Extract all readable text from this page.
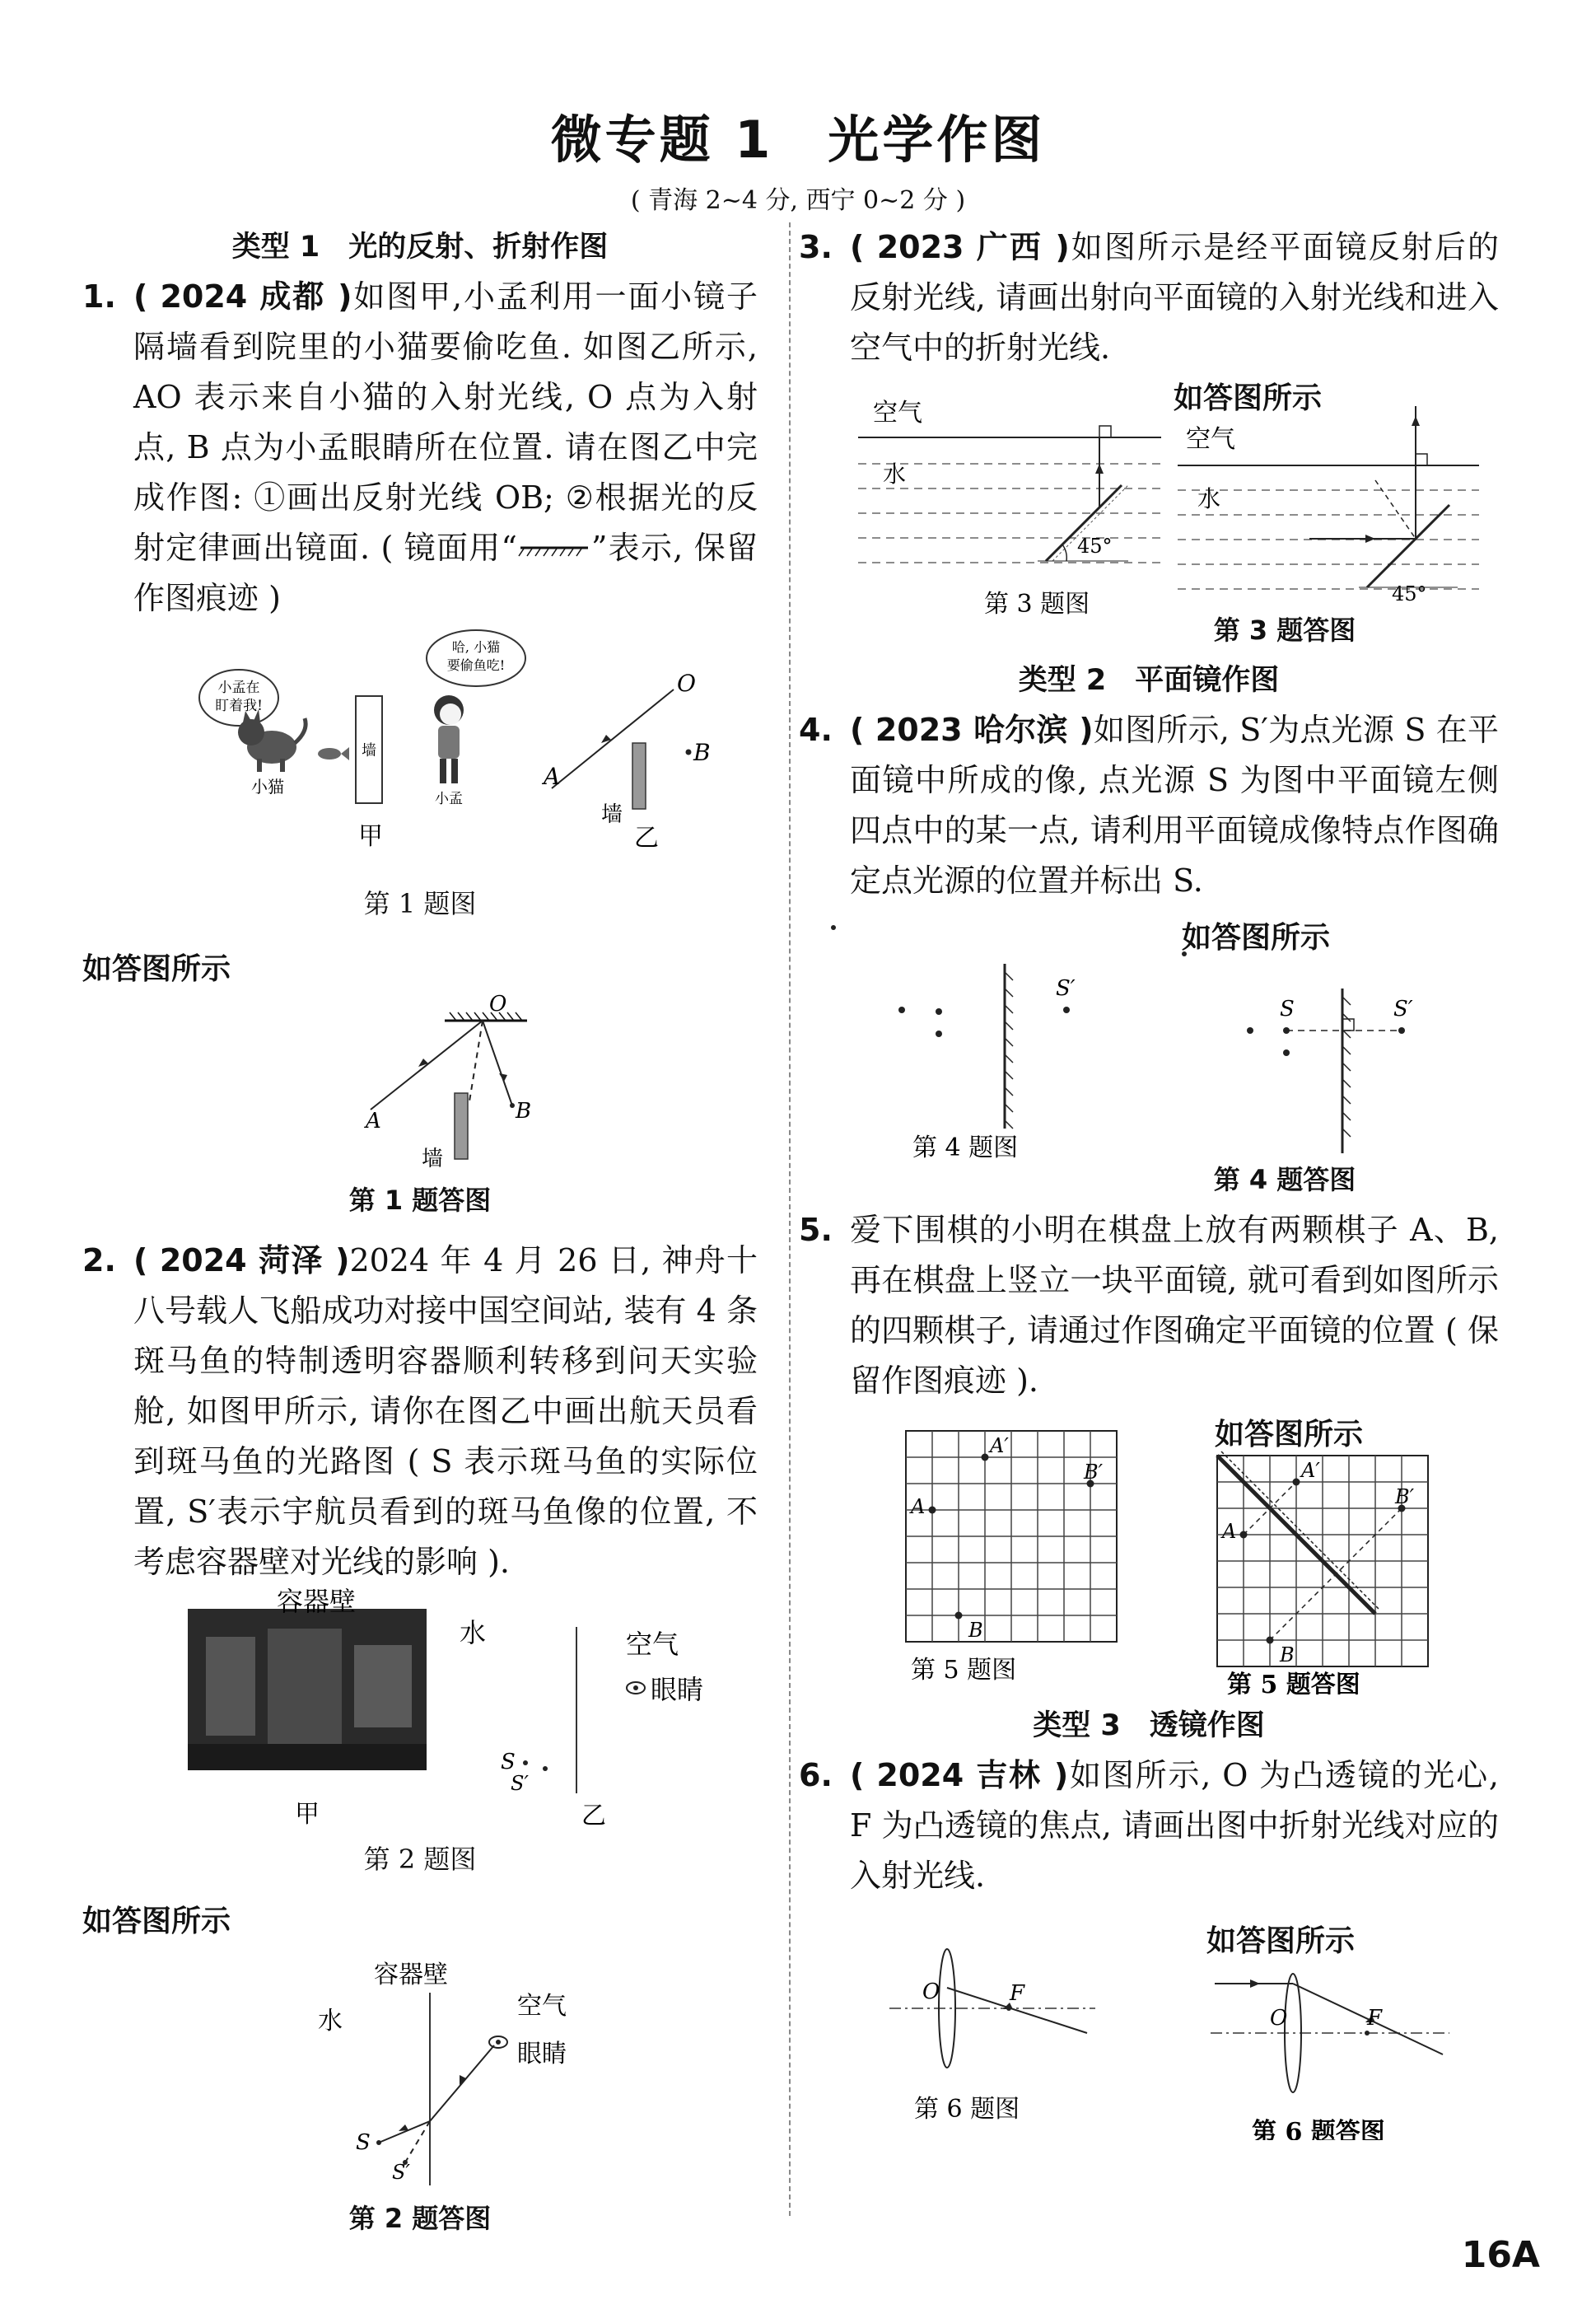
微专题 1　光学作图
( 青海 2~4 分, 西宁 0~2 分 )
类型 1　光的反射、折射作图
1. ( 2024 成都 )如图甲,小孟利用一面小镜子隔墙看到院里的小猫要偷吃鱼. 如图乙所示, AO 表示来自小猫的入射光线, O 点为入射点, B 点为小孟眼睛所在位置. 请在图乙中完成作图: ①画出反射光线 OB; ②根据光的反射定律画出镜面. ( 镜面用“ ”表示, 保留作图痕迹 )
小孟在盯着我!
小猫
墙
哈, 小猫要偷鱼吃!
小孟
A
O
墙
B
甲	乙
第 1 题图
如答图所示
O
A	B
墙
第 1 题答图
2. ( 2024 菏泽 )2024 年 4 月 26 日, 神舟十八号载人飞船成功对接中国空间站, 装有 4 条斑马鱼的特制透明容器顺利转移到问天实验舱, 如图甲所示, 请你在图乙中画出航天员看到斑马鱼的光路图 ( S 表示斑马鱼的实际位置, S′表示宇航员看到的斑马鱼像的位置, 不考虑容器壁对光线的影响 ).
容器壁
水	空气
眼睛
S
S′
甲	乙
第 2 题图
如答图所示
容器壁
水
空气
眼睛
S
S′
第 2 题答图
3. ( 2023 广西 )如图所示是经平面镜反射后的反射光线, 请画出射向平面镜的入射光线和进入空气中的折射光线.
如答图所示
空气
水
45°
空气
水
45°
第 3 题图
第 3 题答图
类型 2　平面镜作图
4. ( 2023 哈尔滨 )如图所示, S′为点光源 S 在平面镜中所成的像, 点光源 S 为图中平面镜左侧四点中的某一点, 请利用平面镜成像特点作图确定点光源的位置并标出 S.
如答图所示
S′
S	S′
第 4 题图
第 4 题答图
5. 爱下围棋的小明在棋盘上放有两颗棋子 A、B, 再在棋盘上竖立一块平面镜, 就可看到如图所示的四颗棋子, 请通过作图确定平面镜的位置 ( 保留作图痕迹 ).
如答图所示
A′
B′
A
B
A′
B′
A
B
第 5 题图
第 5 题答图
类型 3　透镜作图
6. ( 2024 吉林 )如图所示, O 为凸透镜的光心, F 为凸透镜的焦点, 请画出图中折射光线对应的入射光线.
如答图所示
O	F
第 6 题图
O	F
第 6 题答图
16A
